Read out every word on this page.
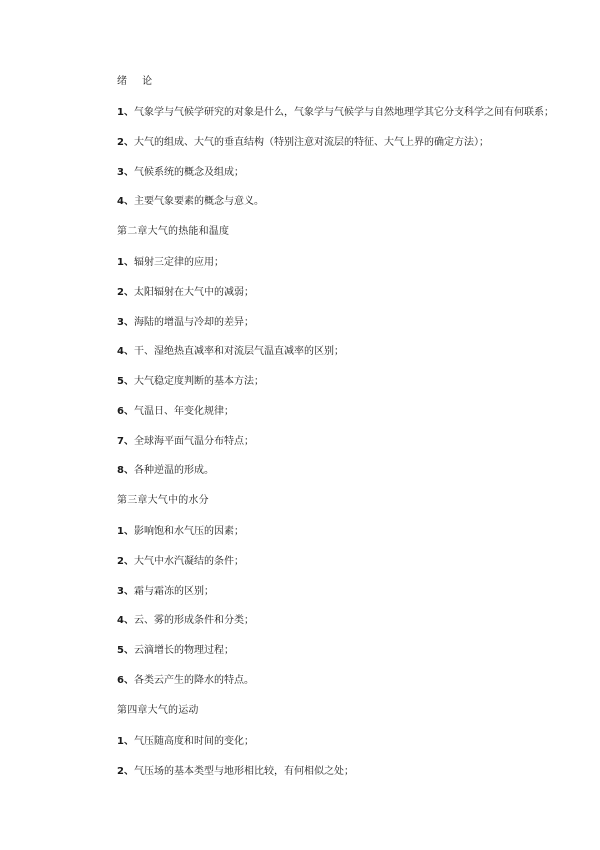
绪 论
1、气象学与气候学研究的对象是什么，气象学与气候学与自然地理学其它分支科学之间有何联系；
2、大气的组成、大气的垂直结构（特别注意对流层的特征、大气上界的确定方法）；
3、气候系统的概念及组成；
4、主要气象要素的概念与意义。
第二章大气的热能和温度
1、辐射三定律的应用；
2、太阳辐射在大气中的减弱；
3、海陆的增温与冷却的差异；
4、干、湿绝热直减率和对流层气温直减率的区别；
5、大气稳定度判断的基本方法；
6、气温日、年变化规律；
7、全球海平面气温分布特点；
8、各种逆温的形成。
第三章大气中的水分
1、影响饱和水气压的因素；
2、大气中水汽凝结的条件；
3、霜与霜冻的区别；
4、云、雾的形成条件和分类；
5、云滴增长的物理过程；
6、各类云产生的降水的特点。
第四章大气的运动
1、气压随高度和时间的变化；
2、气压场的基本类型与地形相比较，有何相似之处；
